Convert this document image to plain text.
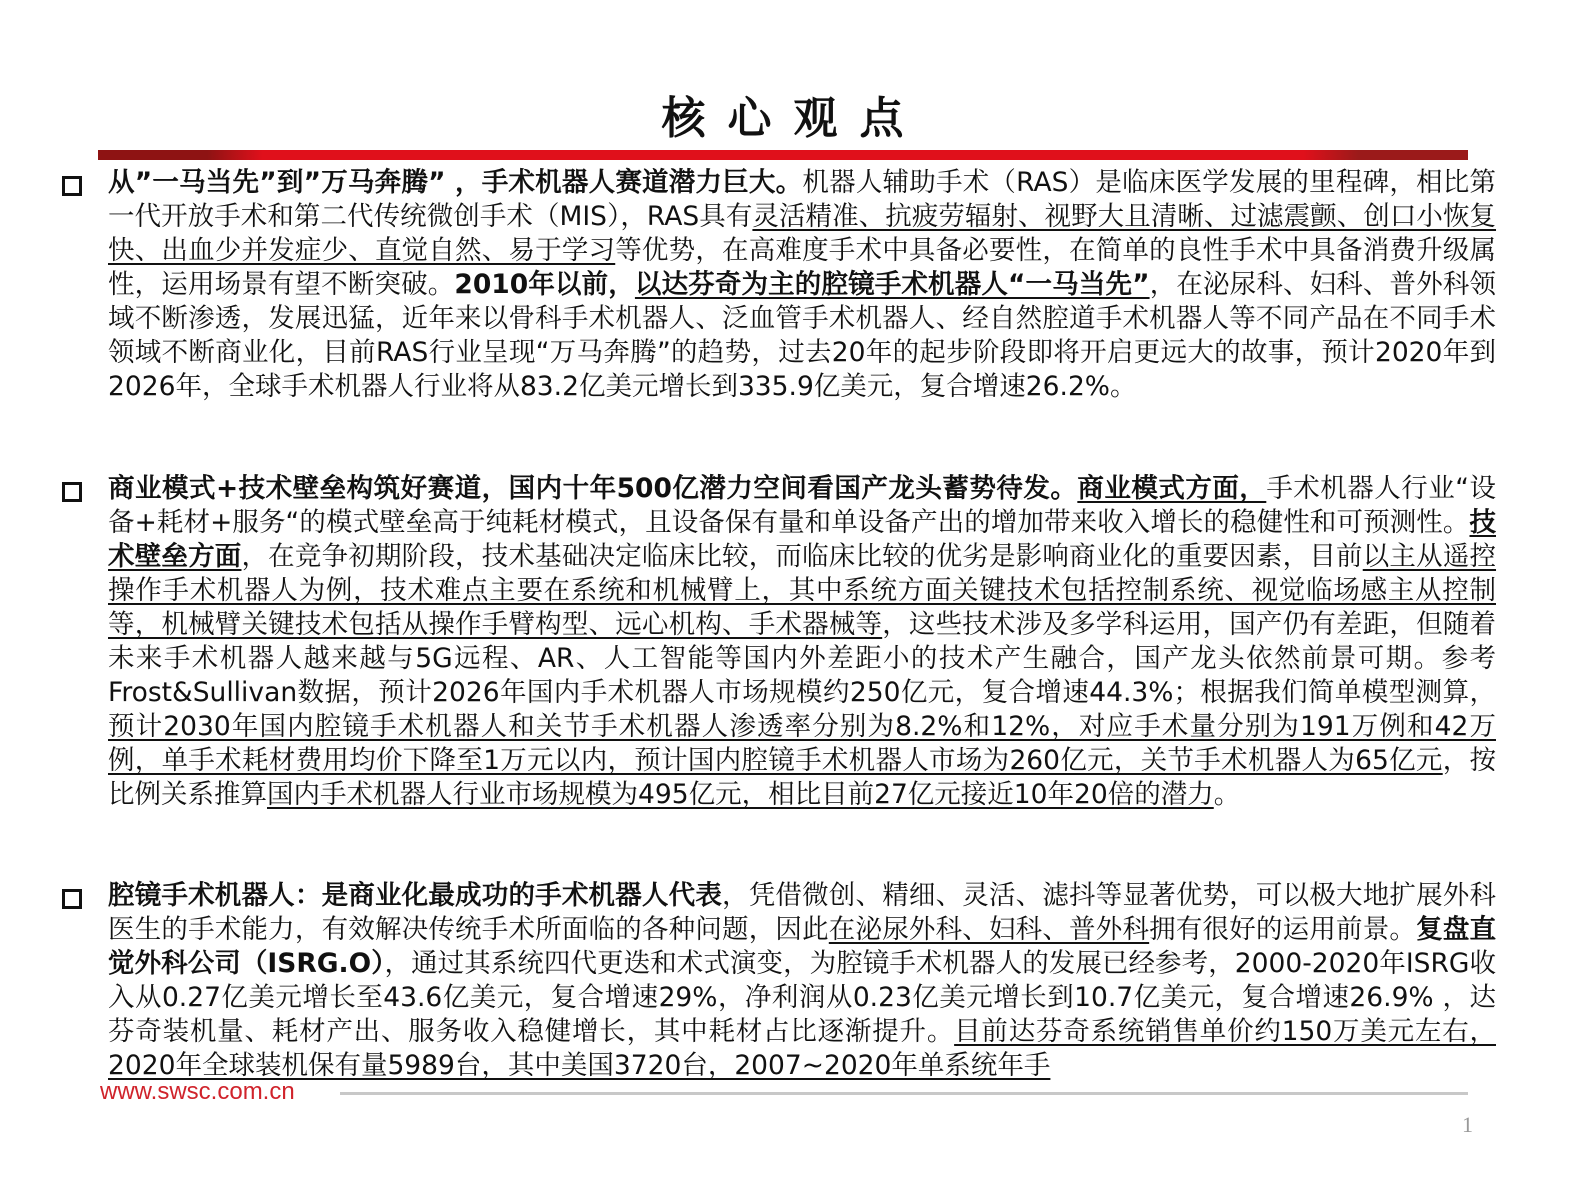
核心观点
从”一马当先”到”万马奔腾” ，手术机器人赛道潜力巨大。机器人辅助手术（RAS）是临床医学发展的里程碑，相比第一代开放手术和第二代传统微创手术（MIS），RAS具有灵活精准、抗疲劳辐射、视野大且清晰、过滤震颤、创口小恢复快、出血少并发症少、直觉自然、易于学习等优势，在高难度手术中具备必要性，在简单的良性手术中具备消费升级属性，运用场景有望不断突破。2010年以前，以达芬奇为主的腔镜手术机器人“一马当先”，在泌尿科、妇科、普外科领域不断渗透，发展迅猛，近年来以骨科手术机器人、泛血管手术机器人、经自然腔道手术机器人等不同产品在不同手术领域不断商业化，目前RAS行业呈现“万马奔腾”的趋势，过去20年的起步阶段即将开启更远大的故事，预计2020年到2026年，全球手术机器人行业将从83.2亿美元增长到335.9亿美元，复合增速26.2%。
商业模式+技术壁垒构筑好赛道，国内十年500亿潜力空间看国产龙头蓄势待发。商业模式方面，手术机器人行业“设备+耗材+服务“的模式壁垒高于纯耗材模式，且设备保有量和单设备产出的增加带来收入增长的稳健性和可预测性。技术壁垒方面，在竞争初期阶段，技术基础决定临床比较，而临床比较的优劣是影响商业化的重要因素，目前以主从遥控操作手术机器人为例，技术难点主要在系统和机械臂上，其中系统方面关键技术包括控制系统、视觉临场感主从控制等，机械臂关键技术包括从操作手臂构型、远心机构、手术器械等，这些技术涉及多学科运用，国产仍有差距，但随着未来手术机器人越来越与5G远程、AR、人工智能等国内外差距小的技术产生融合，国产龙头依然前景可期。参考Frost&Sullivan数据，预计2026年国内手术机器人市场规模约250亿元，复合增速44.3%；根据我们简单模型测算，预计2030年国内腔镜手术机器人和关节手术机器人渗透率分别为8.2%和12%，对应手术量分别为191万例和42万例，单手术耗材费用均价下降至1万元以内，预计国内腔镜手术机器人市场为260亿元，关节手术机器人为65亿元，按比例关系推算国内手术机器人行业市场规模为495亿元，相比目前27亿元接近10年20倍的潜力。
腔镜手术机器人：是商业化最成功的手术机器人代表，凭借微创、精细、灵活、滤抖等显著优势，可以极大地扩展外科医生的手术能力，有效解决传统手术所面临的各种问题，因此在泌尿外科、妇科、普外科拥有很好的运用前景。复盘直觉外科公司（ISRG.O），通过其系统四代更迭和术式演变，为腔镜手术机器人的发展已经参考，2000-2020年ISRG收入从0.27亿美元增长至43.6亿美元，复合增速29%，净利润从0.23亿美元增长到10.7亿美元，复合增速26.9% ，达芬奇装机量、耗材产出、服务收入稳健增长，其中耗材占比逐渐提升。目前达芬奇系统销售单价约150万美元左右，2020年全球装机保有量5989台，其中美国3720台，2007~2020年单系统年手
www.swsc.com.cn
1
